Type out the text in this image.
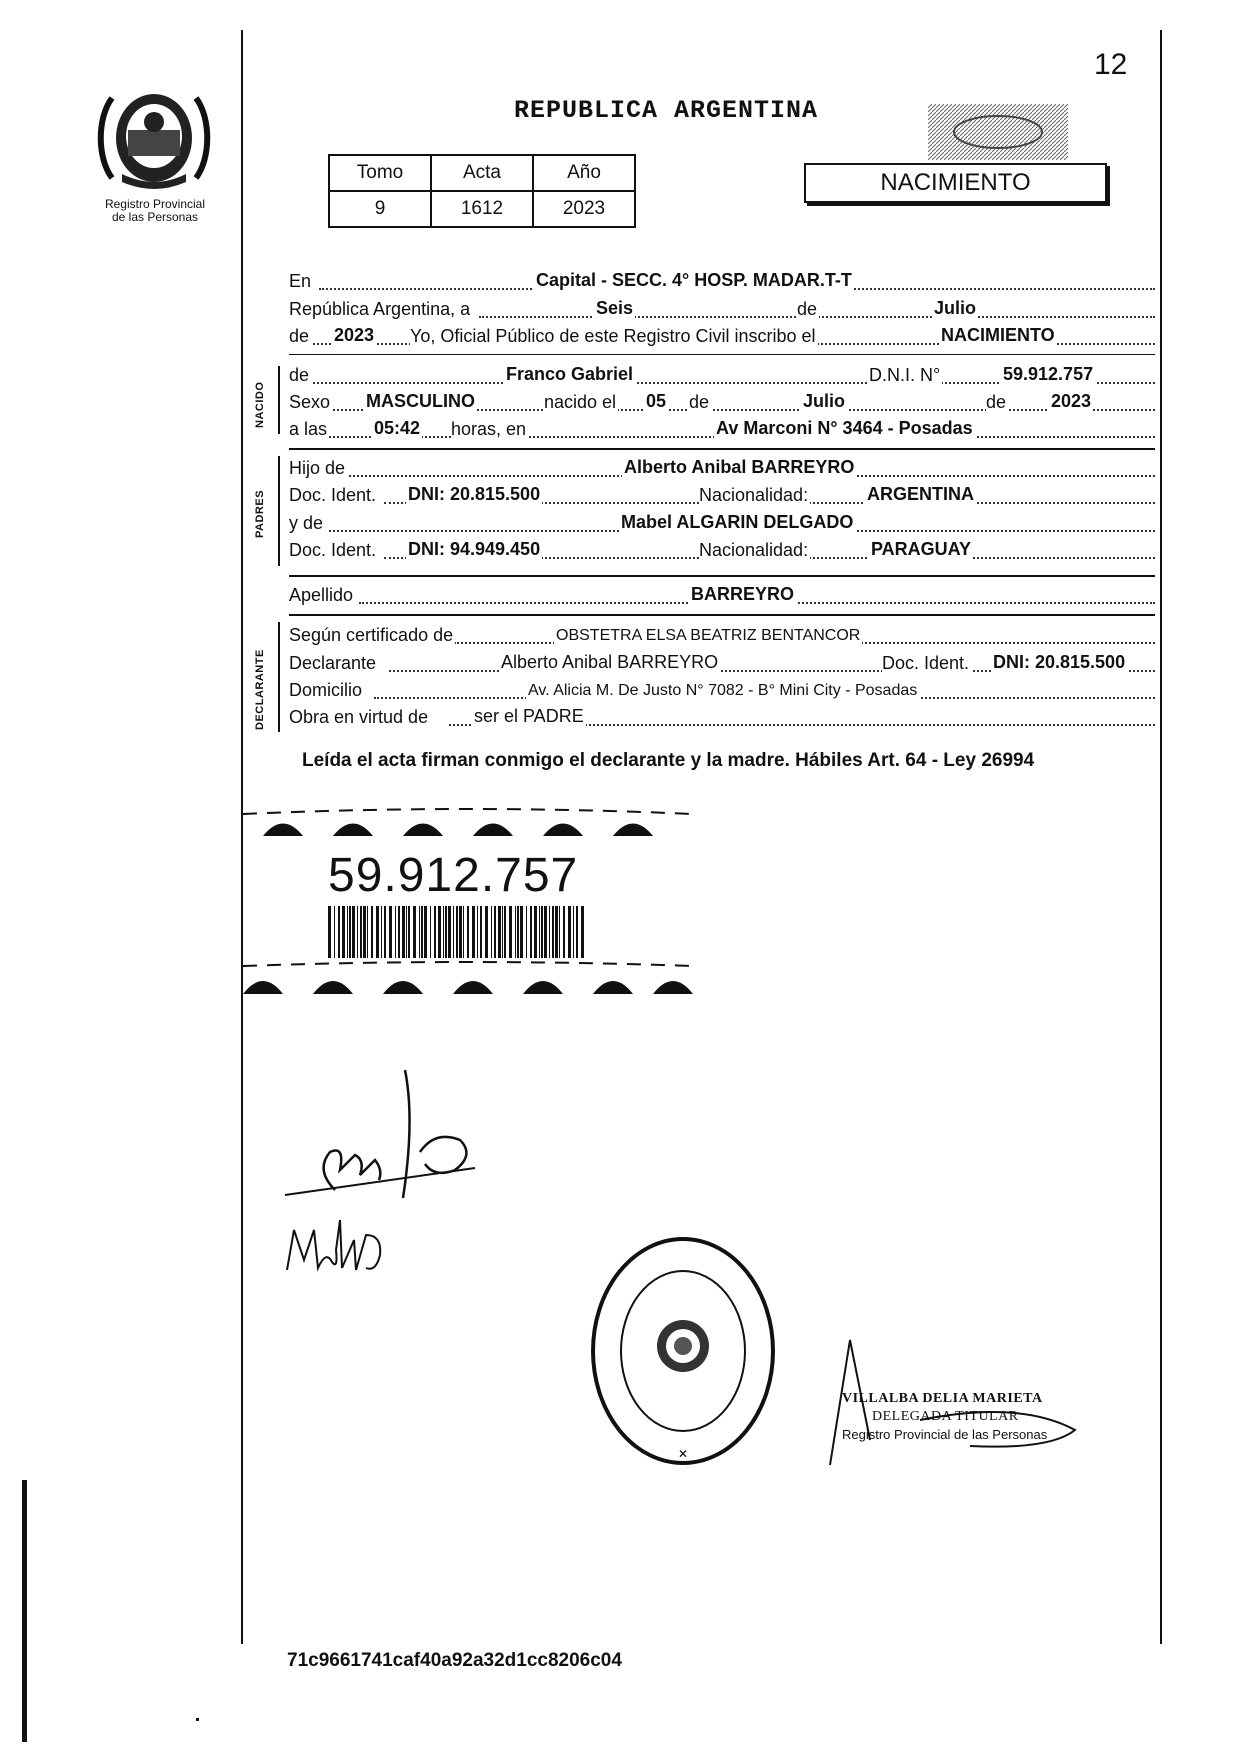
Registro Provincial
de las Personas
12
REPUBLICA ARGENTINA
Tomo	Acta	Año
9	1612	2023
NACIMIENTO
En	Capital - SECC. 4° HOSP. MADAR.T-T
República Argentina, a	Seis	de	Julio
de 2023 Yo, Oficial Público de este Registro Civil inscribo el	NACIMIENTO
NACIDO
de	Franco Gabriel	D.N.I. N°	59.912.757
Sexo MASCULINO	nacido el 05 de	Julio	de 2023
a las	05:42 horas, en	Av Marconi N° 3464 - Posadas
PADRES
Hijo de	Alberto Anibal BARREYRO
Doc. Ident. DNI: 20.815.500	Nacionalidad:	ARGENTINA
y de	Mabel ALGARIN DELGADO
Doc. Ident. DNI: 94.949.450	Nacionalidad:	PARAGUAY
Apellido	BARREYRO
DECLARANTE
Según certificado de	OBSTETRA ELSA BEATRIZ BENTANCOR
Declarante	Alberto Anibal BARREYRO	Doc. Ident. DNI: 20.815.500
Domicilio	Av. Alicia M. De Justo N° 7082 - B° Mini City - Posadas
Obra en virtud de	ser el PADRE
Leída el acta firman conmigo el declarante y la madre. Hábiles Art. 64 - Ley 26994
59.912.757
✕
VILLALBA DELIA MARIETA
DELEGADA TITULAR
Registro Provincial de las Personas
71c9661741caf40a92a32d1cc8206c04
